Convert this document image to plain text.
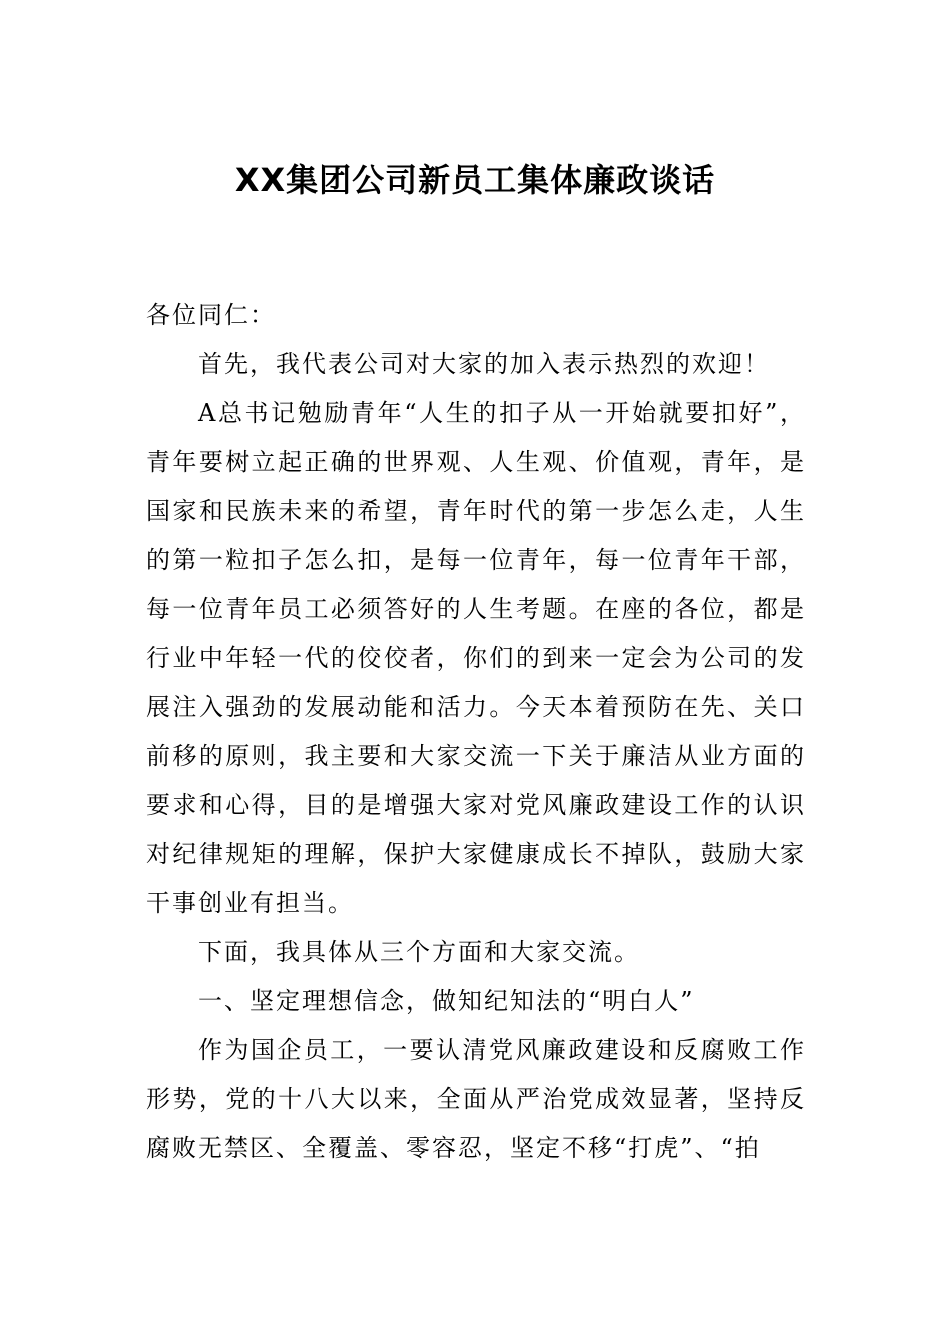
XX集团公司新员工集体廉政谈话

各位同仁：

首先，我代表公司对大家的加入表示热烈的欢迎！

A总书记勉励青年“人生的扣子从一开始就要扣好”，青年要树立起正确的世界观、人生观、价值观，青年，是国家和民族未来的希望，青年时代的第一步怎么走，人生的第一粒扣子怎么扣，是每一位青年，每一位青年干部，每一位青年员工必须答好的人生考题。在座的各位，都是行业中年轻一代的佼佼者，你们的到来一定会为公司的发展注入强劲的发展动能和活力。今天本着预防在先、关口前移的原则，我主要和大家交流一下关于廉洁从业方面的要求和心得，目的是增强大家对党风廉政建设工作的认识对纪律规矩的理解，保护大家健康成长不掉队，鼓励大家干事创业有担当。

下面，我具体从三个方面和大家交流。

一、坚定理想信念，做知纪知法的“明白人”

作为国企员工，一要认清党风廉政建设和反腐败工作形势，党的十八大以来，全面从严治党成效显著，坚持反腐败无禁区、全覆盖、零容忍，坚定不移“打虎”、“拍
